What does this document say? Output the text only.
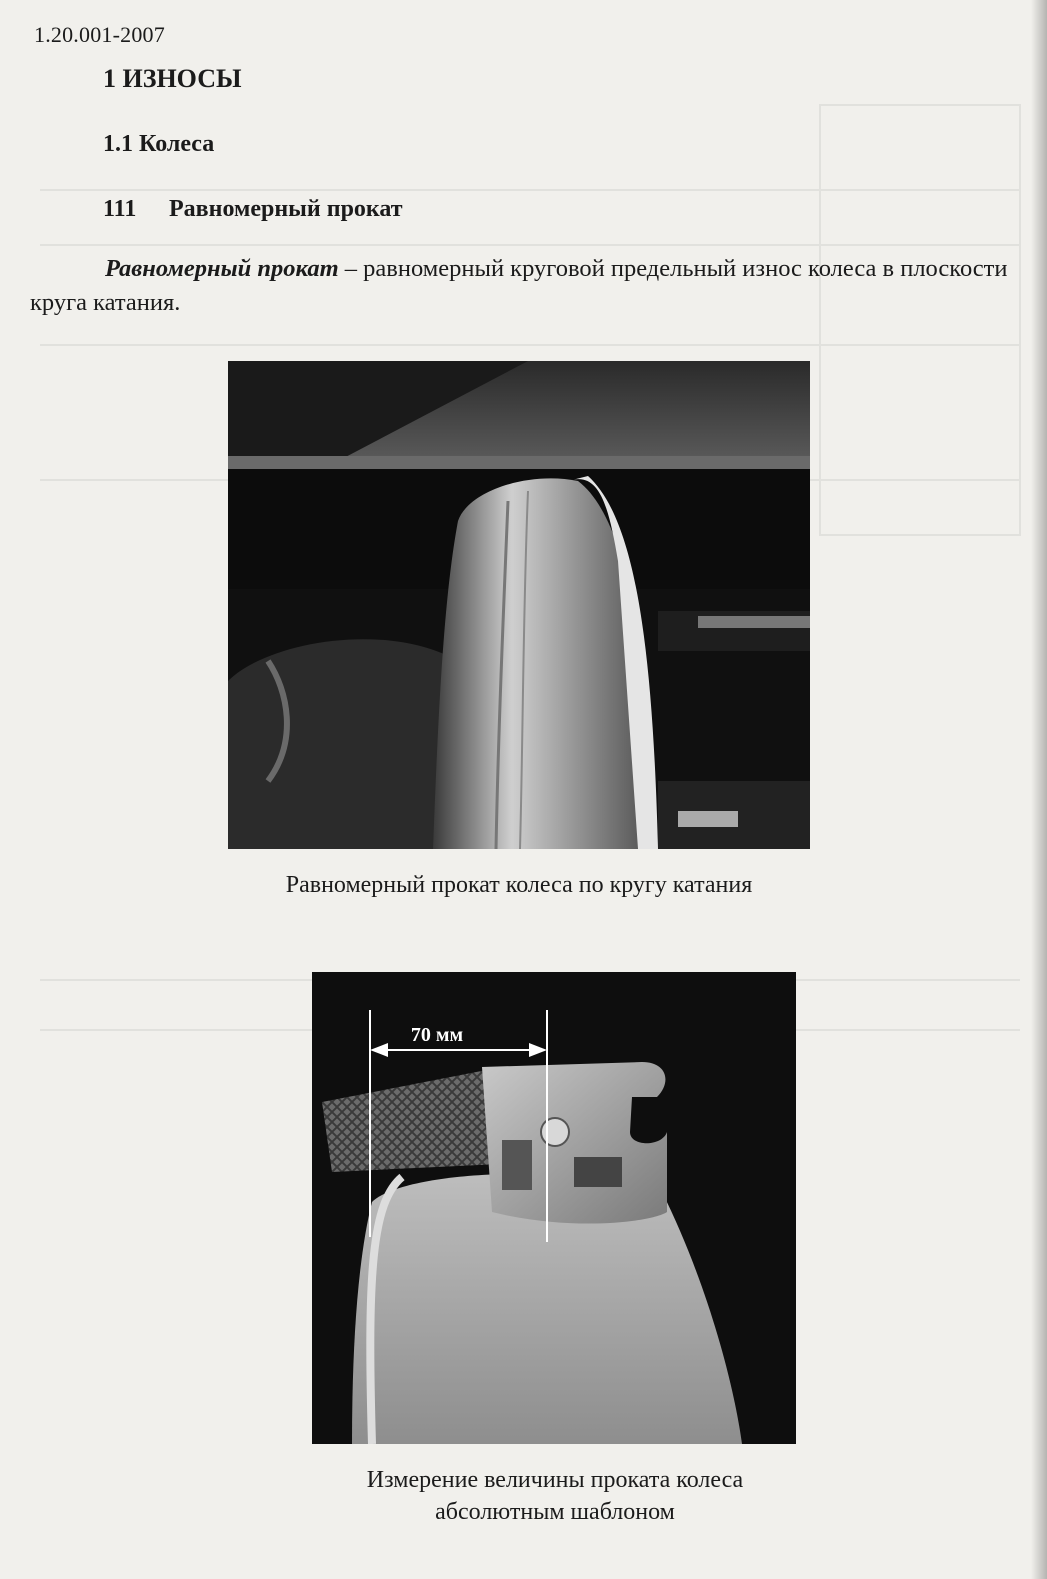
1.20.001-2007
1 ИЗНОСЫ
1.1 Колеса
111 Равномерный прокат
Равномерный прокат – равномерный круговой предельный износ колеса в плоскости круга катания.
Равномерный прокат колеса по кругу катания
70 мм
Измерение величины проката колеса
абсолютным шаблоном
